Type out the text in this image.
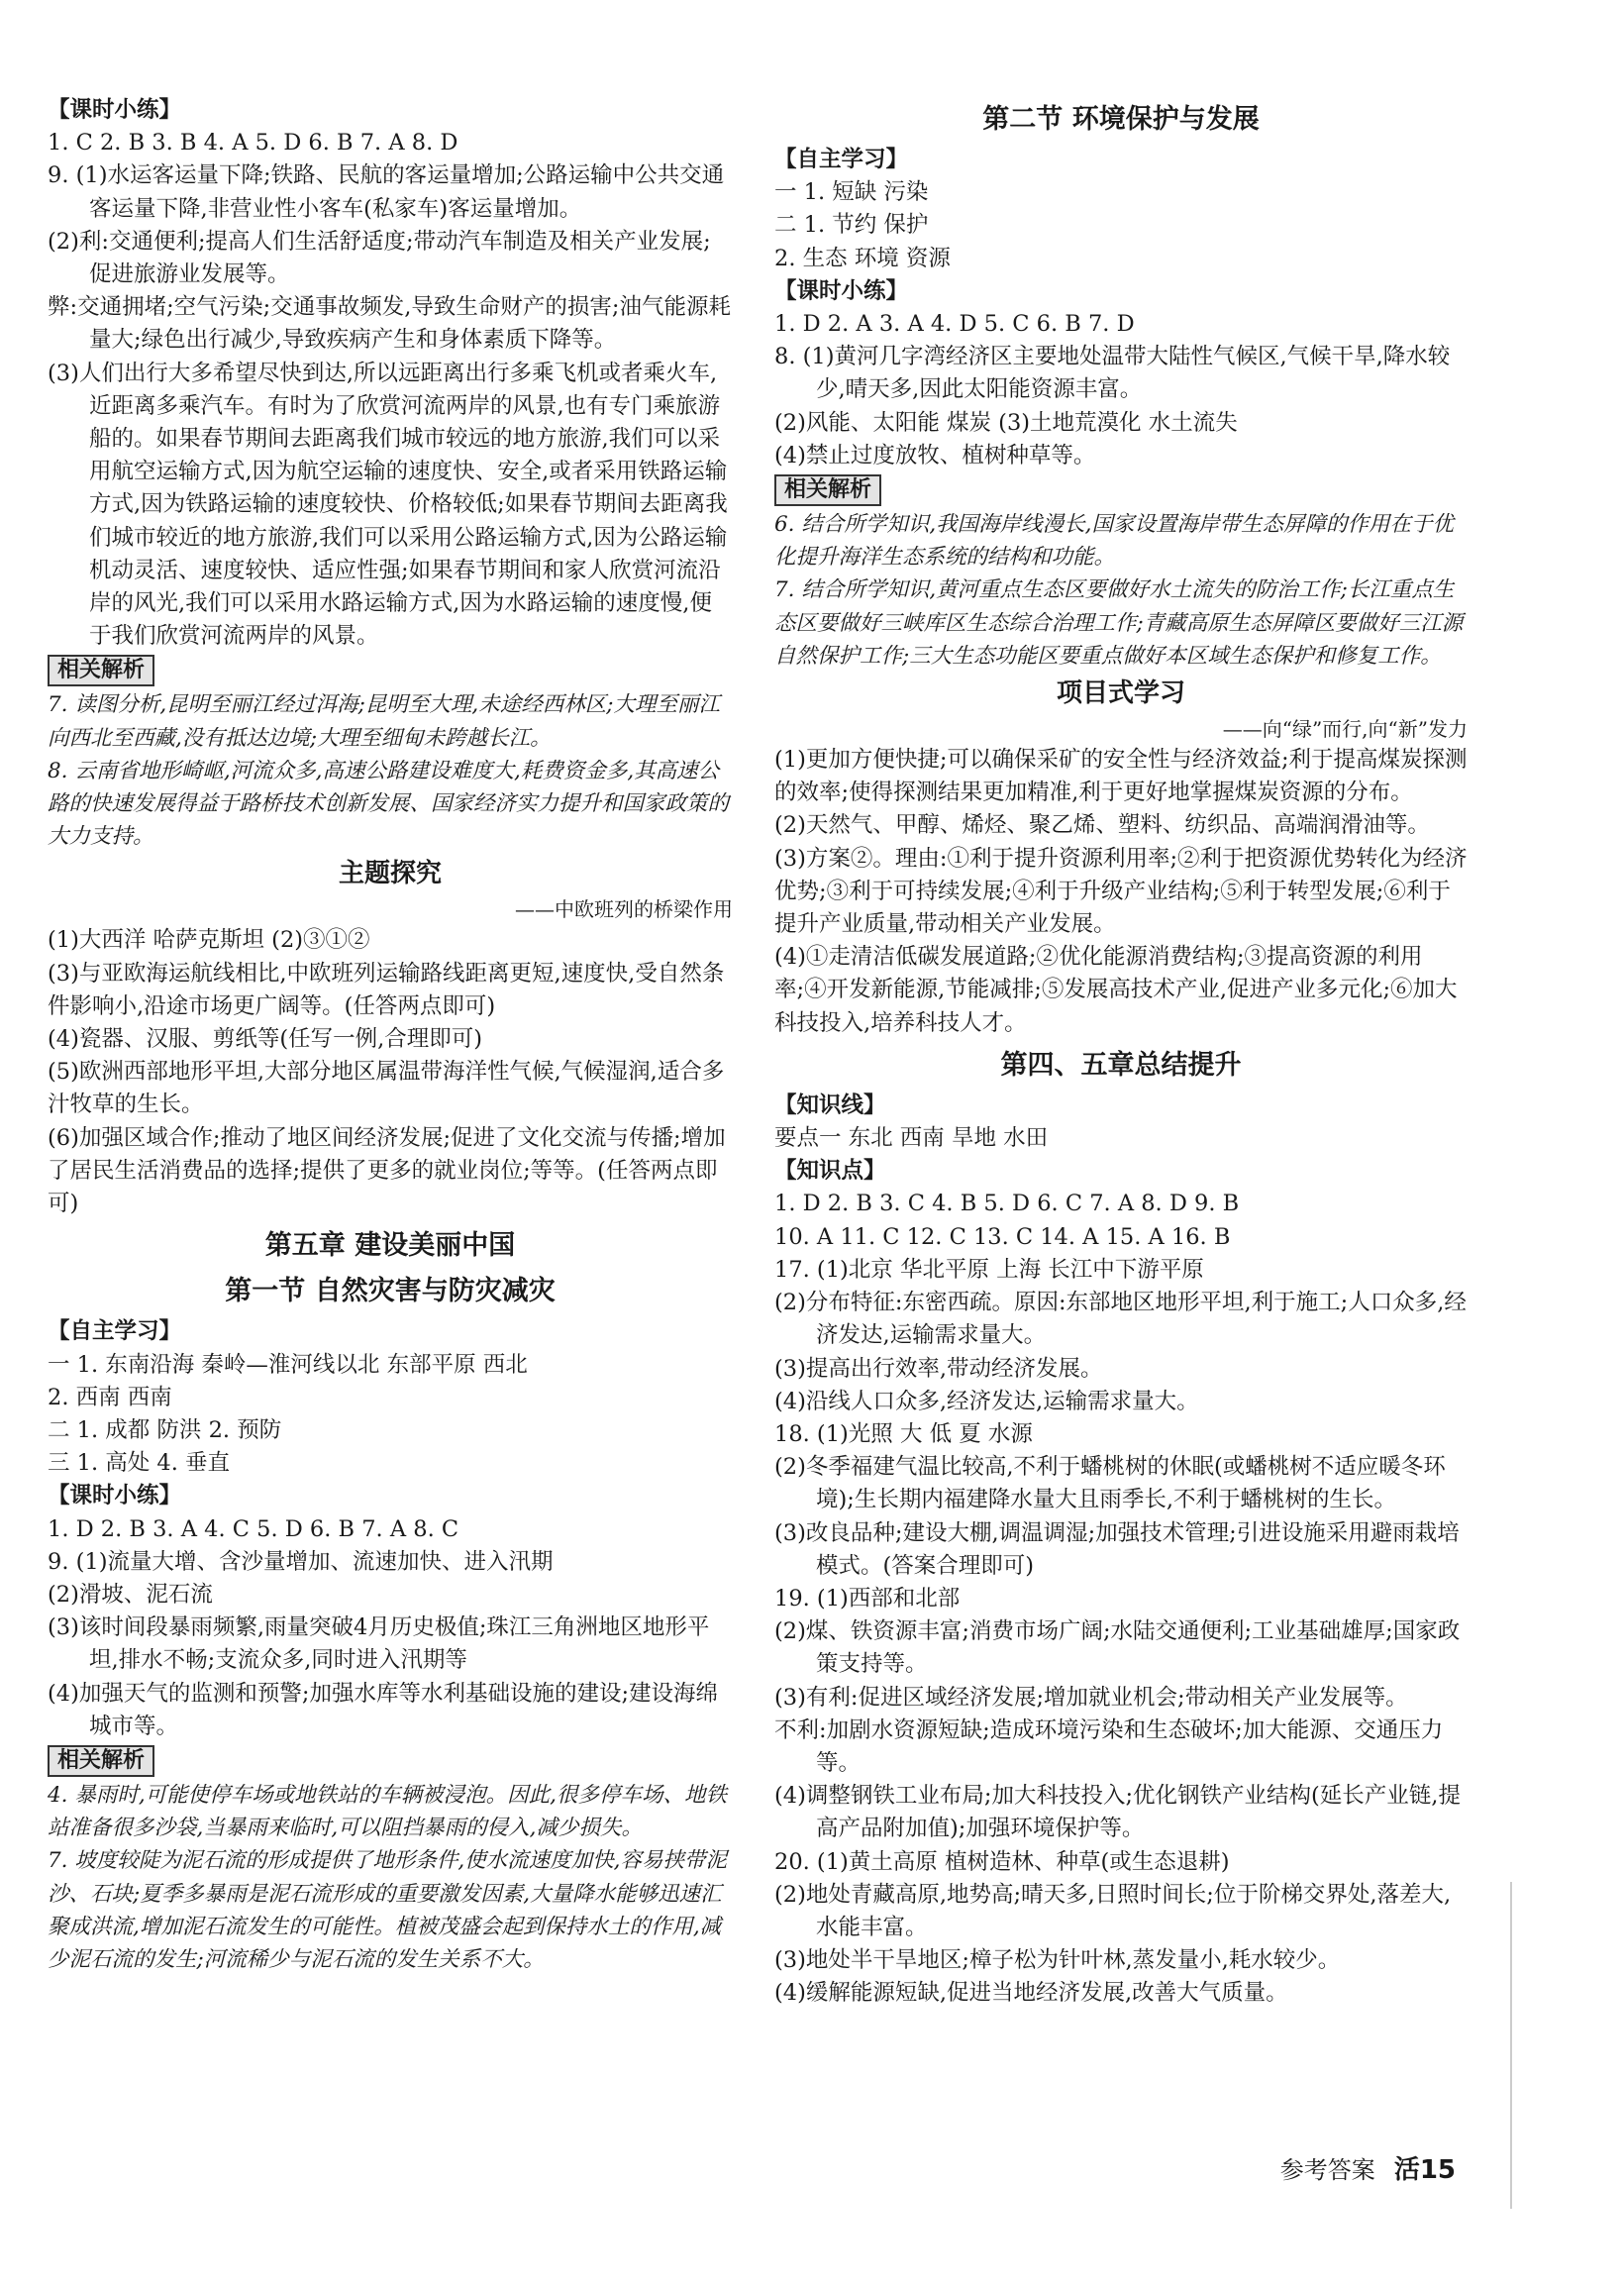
【课时小练】
1. C 2. B 3. B 4. A 5. D 6. B 7. A 8. D
9. (1)水运客运量下降;铁路、民航的客运量增加;公路运输中公共交通客运量下降,非营业性小客车(私家车)客运量增加。
(2)利:交通便利;提高人们生活舒适度;带动汽车制造及相关产业发展;促进旅游业发展等。
弊:交通拥堵;空气污染;交通事故频发,导致生命财产的损害;油气能源耗量大;绿色出行减少,导致疾病产生和身体素质下降等。
(3)人们出行大多希望尽快到达,所以远距离出行多乘飞机或者乘火车,近距离多乘汽车。有时为了欣赏河流两岸的风景,也有专门乘旅游船的。如果春节期间去距离我们城市较远的地方旅游,我们可以采用航空运输方式,因为航空运输的速度快、安全,或者采用铁路运输方式,因为铁路运输的速度较快、价格较低;如果春节期间去距离我们城市较近的地方旅游,我们可以采用公路运输方式,因为公路运输机动灵活、速度较快、适应性强;如果春节期间和家人欣赏河流沿岸的风光,我们可以采用水路运输方式,因为水路运输的速度慢,便于我们欣赏河流两岸的风景。
相关解析
7. 读图分析,昆明至丽江经过洱海;昆明至大理,未途经西林区;大理至丽江向西北至西藏,没有抵达边境;大理至细甸未跨越长江。
8. 云南省地形崎岖,河流众多,高速公路建设难度大,耗费资金多,其高速公路的快速发展得益于路桥技术创新发展、国家经济实力提升和国家政策的大力支持。
主题探究
——中欧班列的桥梁作用
(1)大西洋 哈萨克斯坦 (2)③①②
(3)与亚欧海运航线相比,中欧班列运输路线距离更短,速度快,受自然条件影响小,沿途市场更广阔等。(任答两点即可)
(4)瓷器、汉服、剪纸等(任写一例,合理即可)
(5)欧洲西部地形平坦,大部分地区属温带海洋性气候,气候湿润,适合多汁牧草的生长。
(6)加强区域合作;推动了地区间经济发展;促进了文化交流与传播;增加了居民生活消费品的选择;提供了更多的就业岗位;等等。(任答两点即可)
第五章 建设美丽中国
第一节 自然灾害与防灾减灾
【自主学习】
一 1. 东南沿海 秦岭—淮河线以北 东部平原 西北
2. 西南 西南
二 1. 成都 防洪 2. 预防
三 1. 高处 4. 垂直
【课时小练】
1. D 2. B 3. A 4. C 5. D 6. B 7. A 8. C
9. (1)流量大增、含沙量增加、流速加快、进入汛期
(2)滑坡、泥石流
(3)该时间段暴雨频繁,雨量突破4月历史极值;珠江三角洲地区地形平坦,排水不畅;支流众多,同时进入汛期等
(4)加强天气的监测和预警;加强水库等水利基础设施的建设;建设海绵城市等。
相关解析
4. 暴雨时,可能使停车场或地铁站的车辆被浸泡。因此,很多停车场、地铁站准备很多沙袋,当暴雨来临时,可以阻挡暴雨的侵入,减少损失。
7. 坡度较陡为泥石流的形成提供了地形条件,使水流速度加快,容易挟带泥沙、石块;夏季多暴雨是泥石流形成的重要激发因素,大量降水能够迅速汇聚成洪流,增加泥石流发生的可能性。植被茂盛会起到保持水土的作用,减少泥石流的发生;河流稀少与泥石流的发生关系不大。
第二节 环境保护与发展
【自主学习】
一 1. 短缺 污染
二 1. 节约 保护
2. 生态 环境 资源
【课时小练】
1. D 2. A 3. A 4. D 5. C 6. B 7. D
8. (1)黄河几字湾经济区主要地处温带大陆性气候区,气候干旱,降水较少,晴天多,因此太阳能资源丰富。
(2)风能、太阳能 煤炭 (3)土地荒漠化 水土流失
(4)禁止过度放牧、植树种草等。
相关解析
6. 结合所学知识,我国海岸线漫长,国家设置海岸带生态屏障的作用在于优化提升海洋生态系统的结构和功能。
7. 结合所学知识,黄河重点生态区要做好水土流失的防治工作;长江重点生态区要做好三峡库区生态综合治理工作;青藏高原生态屏障区要做好三江源自然保护工作;三大生态功能区要重点做好本区域生态保护和修复工作。
项目式学习
——向“绿”而行,向“新”发力
(1)更加方便快捷;可以确保采矿的安全性与经济效益;利于提高煤炭探测的效率;使得探测结果更加精准,利于更好地掌握煤炭资源的分布。
(2)天然气、甲醇、烯烃、聚乙烯、塑料、纺织品、高端润滑油等。
(3)方案②。理由:①利于提升资源利用率;②利于把资源优势转化为经济优势;③利于可持续发展;④利于升级产业结构;⑤利于转型发展;⑥利于提升产业质量,带动相关产业发展。
(4)①走清洁低碳发展道路;②优化能源消费结构;③提高资源的利用率;④开发新能源,节能减排;⑤发展高技术产业,促进产业多元化;⑥加大科技投入,培养科技人才。
第四、五章总结提升
【知识线】
要点一 东北 西南 旱地 水田
【知识点】
1. D 2. B 3. C 4. B 5. D 6. C 7. A 8. D 9. B
10. A 11. C 12. C 13. C 14. A 15. A 16. B
17. (1)北京 华北平原 上海 长江中下游平原
(2)分布特征:东密西疏。原因:东部地区地形平坦,利于施工;人口众多,经济发达,运输需求量大。
(3)提高出行效率,带动经济发展。
(4)沿线人口众多,经济发达,运输需求量大。
18. (1)光照 大 低 夏 水源
(2)冬季福建气温比较高,不利于蟠桃树的休眠(或蟠桃树不适应暖冬环境);生长期内福建降水量大且雨季长,不利于蟠桃树的生长。
(3)改良品种;建设大棚,调温调湿;加强技术管理;引进设施采用避雨栽培模式。(答案合理即可)
19. (1)西部和北部
(2)煤、铁资源丰富;消费市场广阔;水陆交通便利;工业基础雄厚;国家政策支持等。
(3)有利:促进区域经济发展;增加就业机会;带动相关产业发展等。
不利:加剧水资源短缺;造成环境污染和生态破坏;加大能源、交通压力等。
(4)调整钢铁工业布局;加大科技投入;优化钢铁产业结构(延长产业链,提高产品附加值);加强环境保护等。
20. (1)黄土高原 植树造林、种草(或生态退耕)
(2)地处青藏高原,地势高;晴天多,日照时间长;位于阶梯交界处,落差大,水能丰富。
(3)地处半干旱地区;樟子松为针叶林,蒸发量小,耗水较少。
(4)缓解能源短缺,促进当地经济发展,改善大气质量。
参考答案 活15
